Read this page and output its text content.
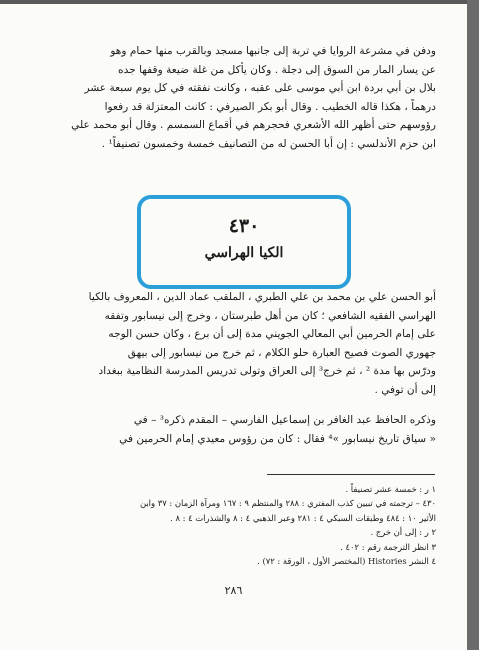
ودفن في مشرعة الروايا في تربة إلى جانبها مسجد وبالقرب منها حمام وهو
عن يسار المار من السوق إلى دجلة . وكان يأكل من غلة ضيعة وقفها جده
بلال بن أبي بردة ابن أبي موسى على عقبه ، وكانت نفقته في كل يوم سبعة عشر
درهماً ، هكذا قاله الخطيب . وقال أبو بكر الصيرفي : كانت المعتزلة قد رفعوا
رؤوسهم حتى أظهر الله الأشعري فحجرهم في أقماع السمسم . وقال أبو محمد علي
ابن حزم الأندلسي : إن أبا الحسن له من التصانيف خمسة وخمسون تصنيفاً¹ .
٤٣٠
الكيا الهراسي
أبو الحسن علي بن محمد بن علي الطبري ، الملقب عماد الدين ، المعروف بالكيا
الهراسي الفقيه الشافعي ؛ كان من أهل طبرستان ، وخرج إلى نيسابور وتفقه
على إمام الحرمين أبي المعالي الجويني مدة إلى أن برع ، وكان حسن الوجه
جهوري الصوت فصيح العبارة حلو الكلام ، ثم خرج من نيسابور إلى بيهق
ودرّس بها مدة ² ، ثم خرج³ إلى العراق وتولى تدريس المدرسة النظامية ببغداد
إلى أن توفي .
وذكره الحافظ عبد الغافر بن إسماعيل الفارسي – المقدم ذكره³ – في
« سياق تاريخ نيسابور »⁴ فقال : كان من رؤوس معيدي إمام الحرمين في
١ ر : خمسة عشر تصنيفاً .
٤٣٠ – ترجمته في تبيين كذب المفتري : ٢٨٨ والمنتظم ٩ : ١٦٧ ومرآة الزمان : ٣٧ وابن
الأثير ١٠ : ٤٨٤ وطبقات السبكي ٤ : ٢٨١ وعبر الذهبي ٤ : ٨ والشذرات ٤ : ٨ .
٢ ر : إلى أن خرج .
٣ انظر الترجمة رقم : ٤٠٢ .
٤ النشر Histories (المختصر الأول ، الورقة : ٧٢) .
٢٨٦
